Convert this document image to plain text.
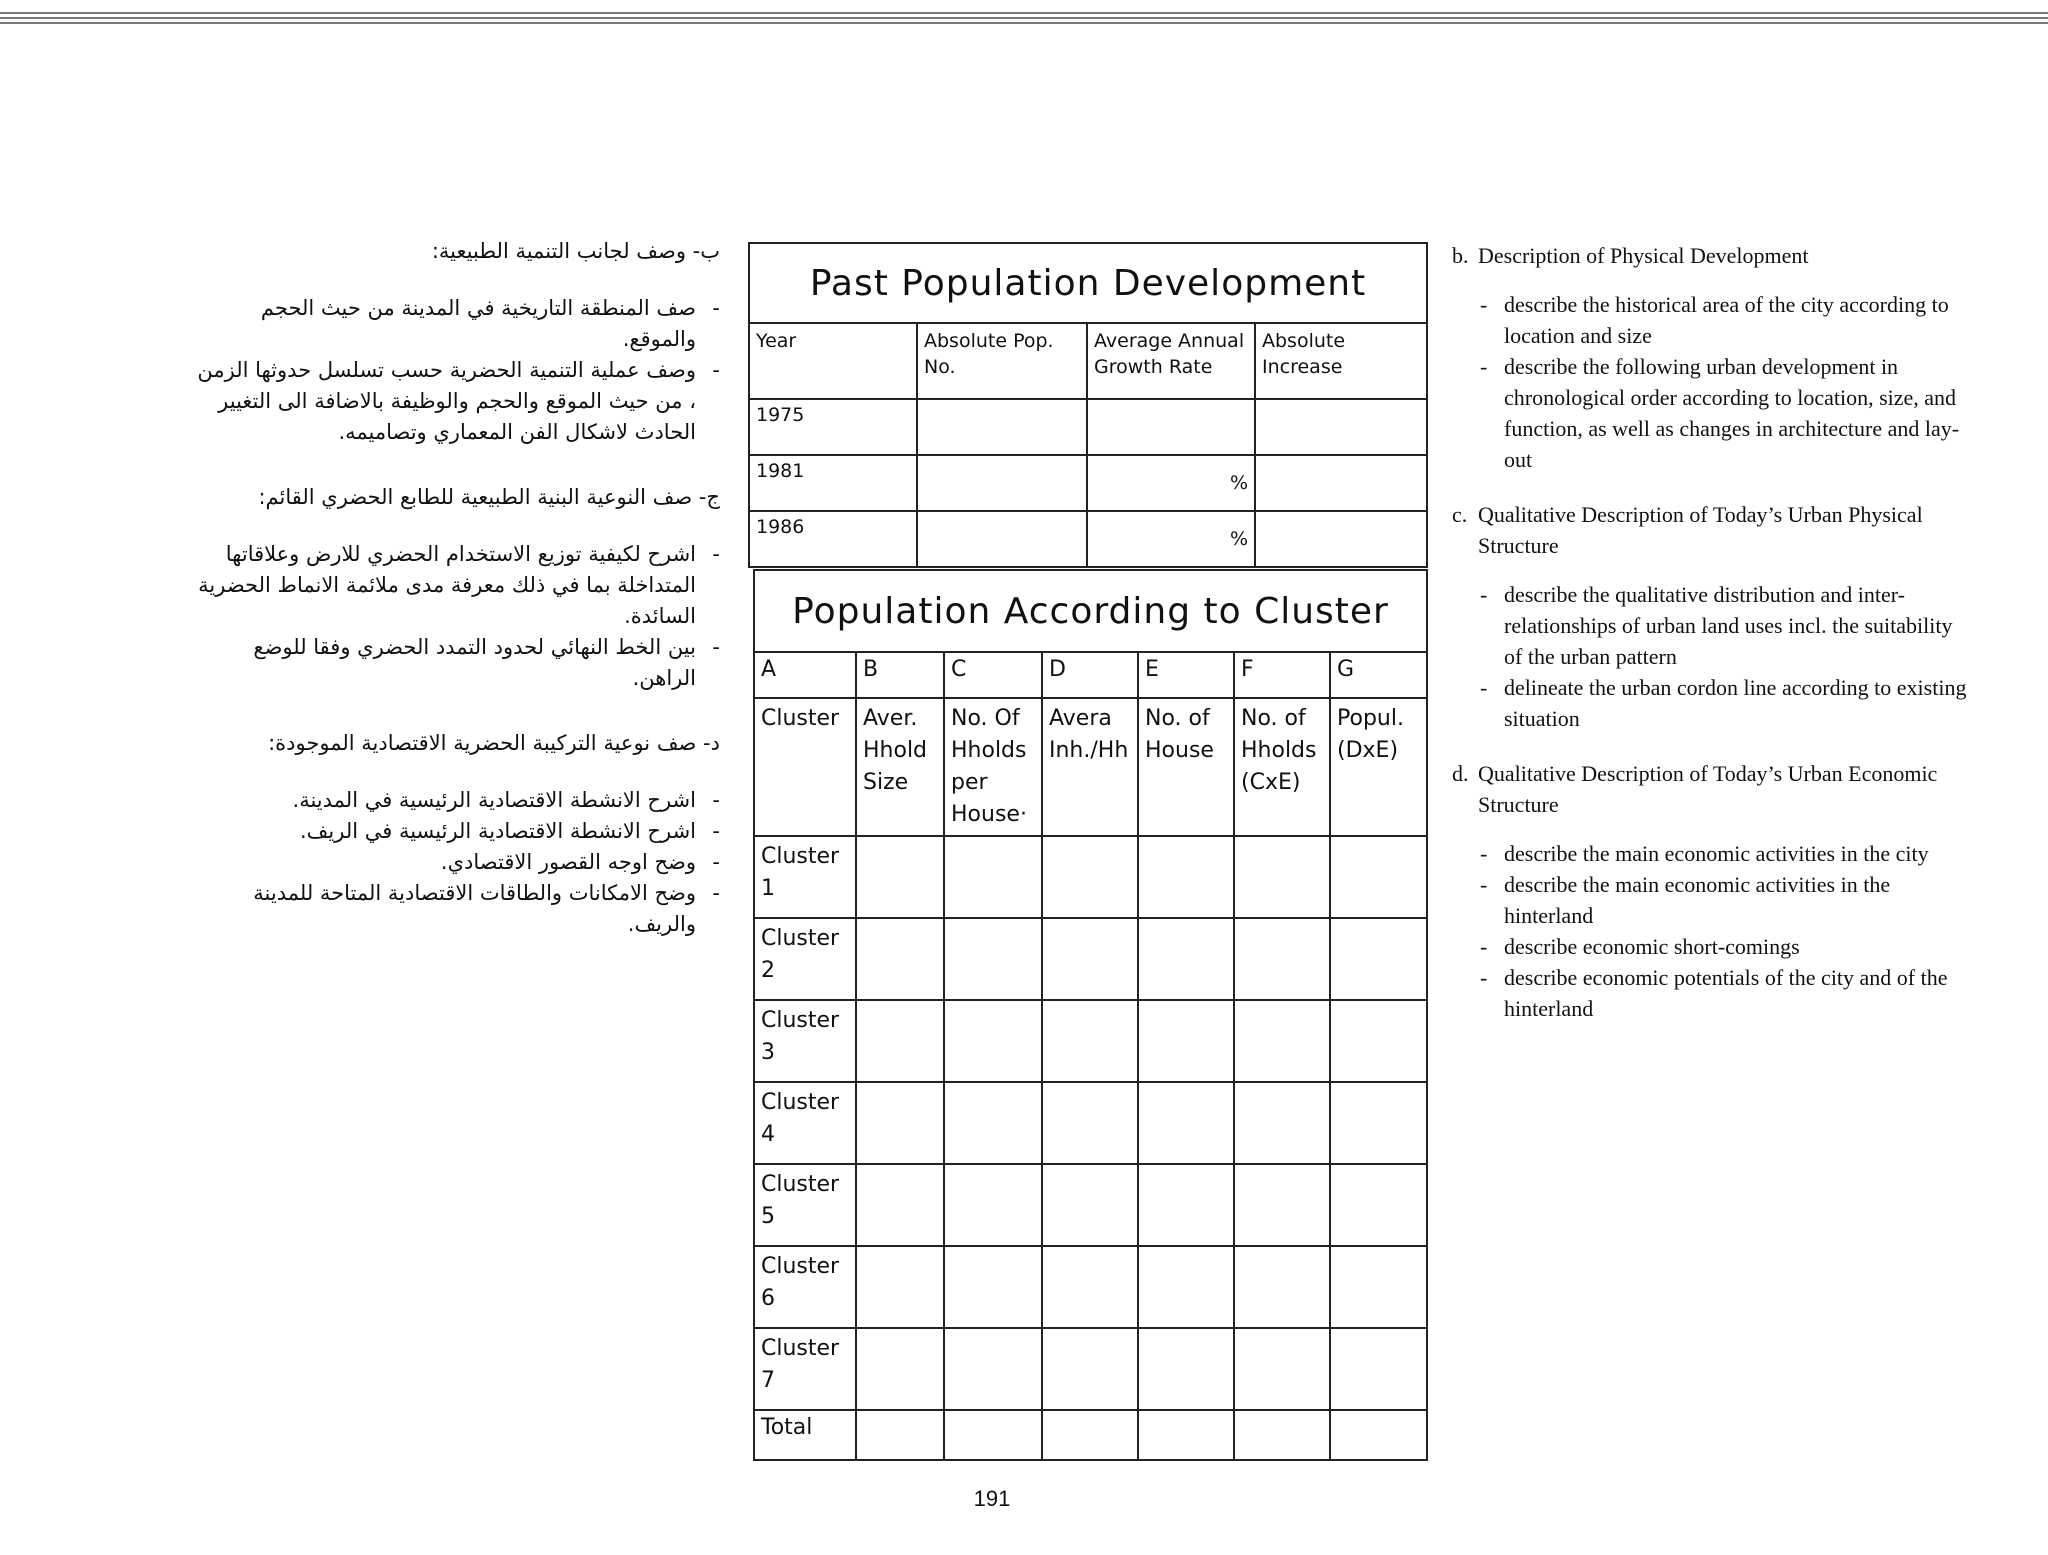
ب- وصف لجانب التنمية الطبيعية:
-
صف المنطقة التاريخية في المدينة من حيث الحجم والموقع.
-
وصف عملية التنمية الحضرية حسب تسلسل حدوثها الزمن ، من حيث الموقع والحجم والوظيفة بالاضافة الى التغيير الحادث لاشكال الفن المعماري وتصاميمه.
ج- صف النوعية البنية الطبيعية للطابع الحضري القائم:
-
اشرح لكيفية توزيع الاستخدام الحضري للارض وعلاقاتها المتداخلة بما في ذلك معرفة مدى ملائمة الانماط الحضرية السائدة.
-
بين الخط النهائي لحدود التمدد الحضري وفقا للوضع الراهن.
د- صف نوعية التركيبة الحضرية الاقتصادية الموجودة:
-
اشرح الانشطة الاقتصادية الرئيسية في المدينة.
-
اشرح الانشطة الاقتصادية الرئيسية في الريف.
-
وضح اوجه القصور الاقتصادي.
-
وضح الامكانات والطاقات الاقتصادية المتاحة للمدينة والريف.
Past Population Development			
Year	Absolute Pop. No.	Average Annual Growth Rate	Absolute Increase
1975			
1981		%	
1986		%	
Population According to Cluster						
A	B	C	D	E	F	G
Cluster	Aver. Hhold Size	No. Of Hholds per House·	Avera Inh./Hh	No. of House	No. of Hholds (CxE)	Popul. (DxE)
Cluster 1						
Cluster 2						
Cluster 3						
Cluster 4						
Cluster 5						
Cluster 6						
Cluster 7						
Total						
b. Description of Physical Development
- describe the historical area of the city according to location and size
- describe the following urban development in chronological order according to location, size, and function, as well as changes in architecture and lay-out
c. Qualitative Description of Today’s Urban Physical Structure
- describe the qualitative distribution and inter-relationships of urban land uses incl. the suitability of the urban pattern
- delineate the urban cordon line according to existing situation
d. Qualitative Description of Today’s Urban Economic Structure
- describe the main economic activities in the city
- describe the main economic activities in the hinterland
- describe economic short-comings
- describe economic potentials of the city and of the hinterland
191
